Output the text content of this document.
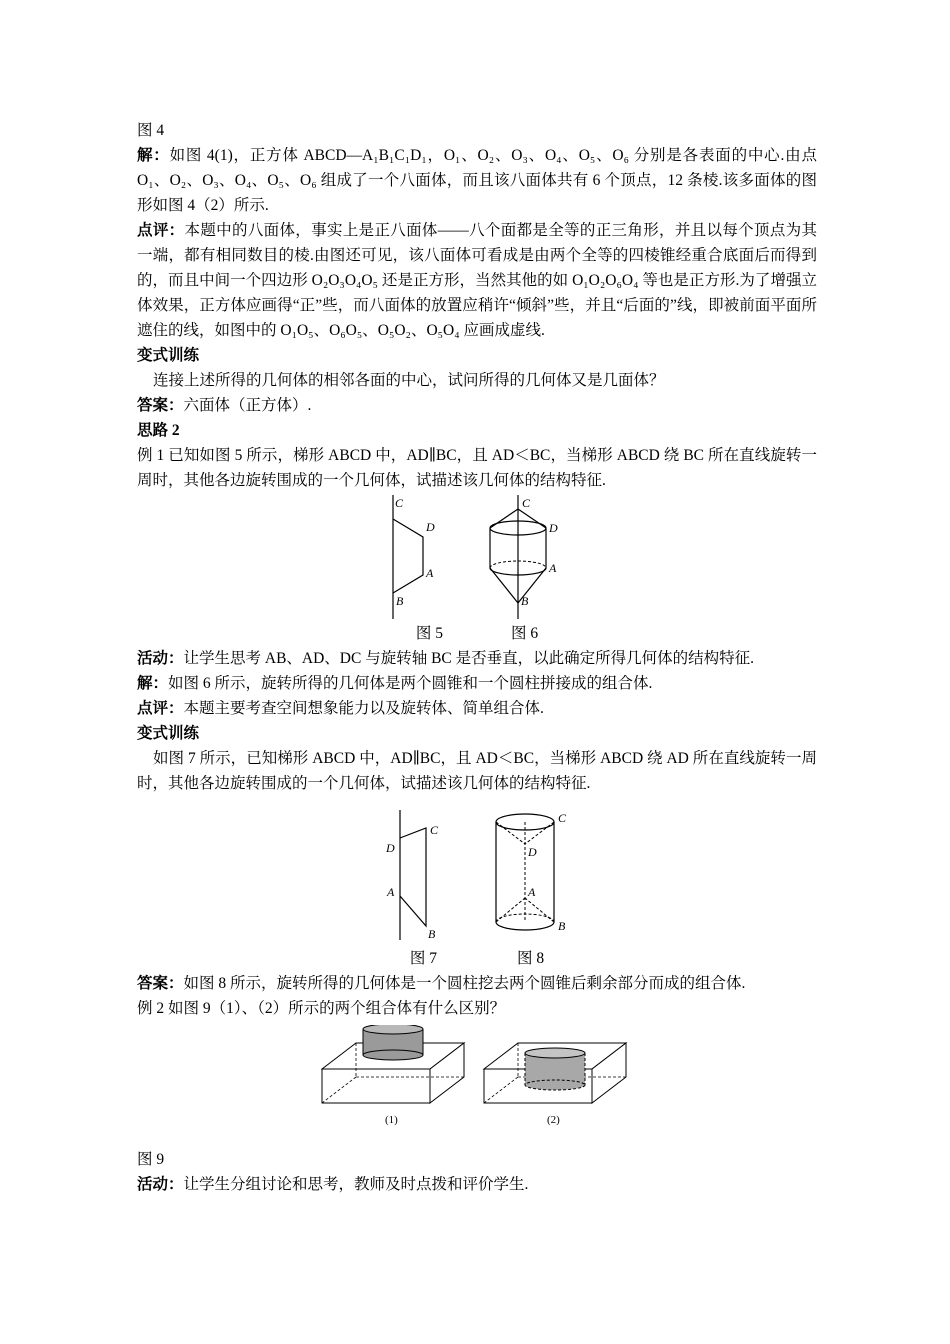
图 4

解：如图 4(1)，正方体 ABCD—A₁B₁C₁D₁，O₁、O₂、O₃、O₄、O₅、O₆ 分别是各表面的中心.由点 O₁、O₂、O₃、O₄、O₅、O₆ 组成了一个八面体，而且该八面体共有 6 个顶点，12 条棱.该多面体的图形如图 4（2）所示.

点评：本题中的八面体，事实上是正八面体——八个面都是全等的正三角形，并且以每个顶点为其一端，都有相同数目的棱.由图还可见，该八面体可看成是由两个全等的四棱锥经重合底面后而得到的，而且中间一个四边形 O₂O₃O₄O₅ 还是正方形，当然其他的如 O₁O₂O₆O₄ 等也是正方形.为了增强立体效果，正方体应画得“正”些，而八面体的放置应稍许“倾斜”些，并且“后面的”线，即被前面平面所遮住的线，如图中的 O₁O₅、O₆O₅、O₅O₂、O₅O₄ 应画成虚线.

变式训练

连接上述所得的几何体的相邻各面的中心，试问所得的几何体又是几面体？

答案：六面体（正方体）.

思路 2

例 1 已知如图 5 所示，梯形 ABCD 中，AD∥BC，且 AD＜BC，当梯形 ABCD 绕 BC 所在直线旋转一周时，其他各边旋转围成的一个几何体，试描述该几何体的结构特征.

C
D
A
B
C
D
A
B
图 5	图 6

活动：让学生思考 AB、AD、DC 与旋转轴 BC 是否垂直，以此确定所得几何体的结构特征.

解：如图 6 所示，旋转所得的几何体是两个圆锥和一个圆柱拼接成的组合体.

点评：本题主要考查空间想象能力以及旋转体、简单组合体.

变式训练

如图 7 所示，已知梯形 ABCD 中，AD∥BC，且 AD＜BC，当梯形 ABCD 绕 AD 所在直线旋转一周时，其他各边旋转围成的一个几何体，试描述该几何体的结构特征.

C
D
A
B
C
D
A
B
图 7	图 8

答案：如图 8 所示，旋转所得的几何体是一个圆柱挖去两个圆锥后剩余部分而成的组合体.

例 2 如图 9（1）、（2）所示的两个组合体有什么区别？

(1)	(2)

图 9

活动：让学生分组讨论和思考，教师及时点拨和评价学生.
